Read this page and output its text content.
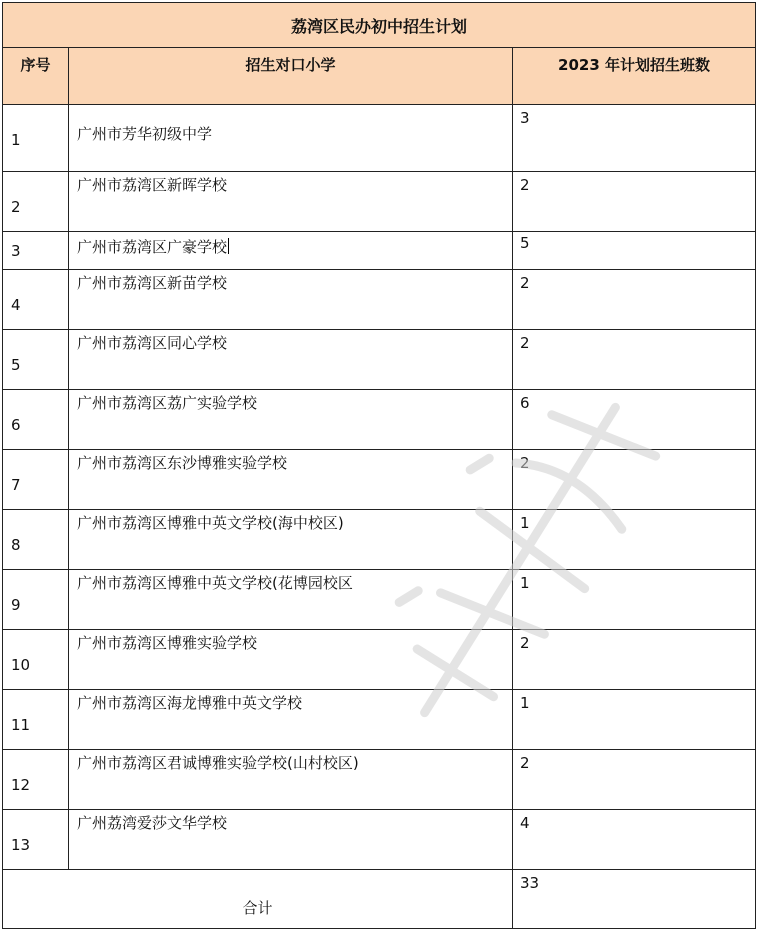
荔湾区民办初中招生计划		
序号	招生对口小学	2023 年计划招生班数
1	广州市芳华初级中学	3
2	广州市荔湾区新晖学校	2
3	广州市荔湾区广豪学校	5
4	广州市荔湾区新苗学校	2
5	广州市荔湾区同心学校	2
6	广州市荔湾区荔广实验学校	6
7	广州市荔湾区东沙博雅实验学校	2
8	广州市荔湾区博雅中英文学校(海中校区)	1
9	广州市荔湾区博雅中英文学校(花博园校区	1
10	广州市荔湾区博雅实验学校	2
11	广州市荔湾区海龙博雅中英文学校	1
12	广州市荔湾区君诚博雅实验学校(山村校区)	2
13	广州荔湾爱莎文华学校	4
合计		33
